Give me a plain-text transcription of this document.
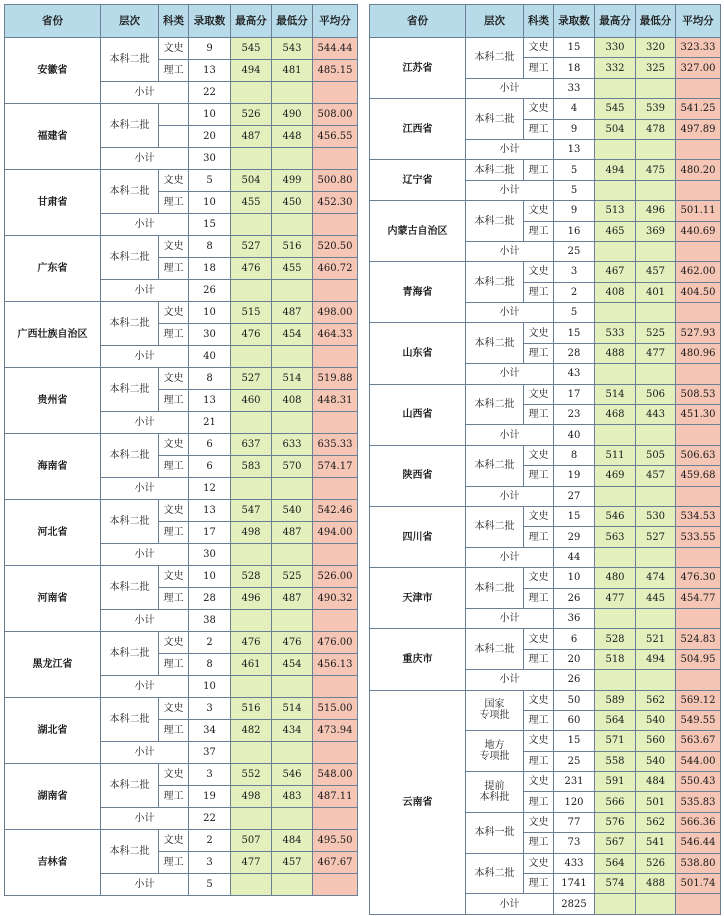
省份	层次	科类	录取数	最高分	最低分	平均分
安徽省	本科二批	文史	9	545	543	544.44
		理工	13	494	481	485.15
	小计		22			
福建省	本科二批		10	526	490	508.00
			20	487	448	456.55
	小计		30			
甘肃省	本科二批	文史	5	504	499	500.80
		理工	10	455	450	452.30
	小计		15			
广东省	本科二批	文史	8	527	516	520.50
		理工	18	476	455	460.72
	小计		26			
广西壮族自治区	本科二批	文史	10	515	487	498.00
		理工	30	476	454	464.33
	小计		40			
贵州省	本科二批	文史	8	527	514	519.88
		理工	13	460	408	448.31
	小计		21			
海南省	本科二批	文史	6	637	633	635.33
		理工	6	583	570	574.17
	小计		12			
河北省	本科二批	文史	13	547	540	542.46
		理工	17	498	487	494.00
	小计		30			
河南省	本科二批	文史	10	528	525	526.00
		理工	28	496	487	490.32
	小计		38			
黑龙江省	本科二批	文史	2	476	476	476.00
		理工	8	461	454	456.13
	小计		10			
湖北省	本科二批	文史	3	516	514	515.00
		理工	34	482	434	473.94
	小计		37			
湖南省	本科二批	文史	3	552	546	548.00
		理工	19	498	483	487.11
	小计		22			
吉林省	本科二批	文史	2	507	484	495.50
		理工	3	477	457	467.67
	小计		5			
省份	层次	科类	录取数	最高分	最低分	平均分
江苏省	本科二批	文史	15	330	320	323.33
		理工	18	332	325	327.00
	小计		33			
江西省	本科二批	文史	4	545	539	541.25
		理工	9	504	478	497.89
	小计		13			
辽宁省	本科二批	理工	5	494	475	480.20
	小计		5			
内蒙古自治区	本科二批	文史	9	513	496	501.11
		理工	16	465	369	440.69
	小计		25			
青海省	本科二批	文史	3	467	457	462.00
		理工	2	408	401	404.50
	小计		5			
山东省	本科二批	文史	15	533	525	527.93
		理工	28	488	477	480.96
	小计		43			
山西省	本科二批	文史	17	514	506	508.53
		理工	23	468	443	451.30
	小计		40			
陕西省	本科二批	文史	8	511	505	506.63
		理工	19	469	457	459.68
	小计		27			
四川省	本科二批	文史	15	546	530	534.53
		理工	29	563	527	533.55
	小计		44			
天津市	本科二批	文史	10	480	474	476.30
		理工	26	477	445	454.77
	小计		36			
重庆市	本科二批	文史	6	528	521	524.83
		理工	20	518	494	504.95
	小计		26			
云南省	国家
专项批	文史	50	589	562	569.12
		理工	60	564	540	549.55
	地方
专项批	文史	15	571	560	563.67
		理工	25	558	540	544.00
	提前
本科批	文史	231	591	484	550.43
		理工	120	566	501	535.83
	本科一批	文史	77	576	562	566.36
		理工	73	567	541	546.44
	本科二批	文史	433	564	526	538.80
		理工	1741	574	488	501.74
	小计		2825			
